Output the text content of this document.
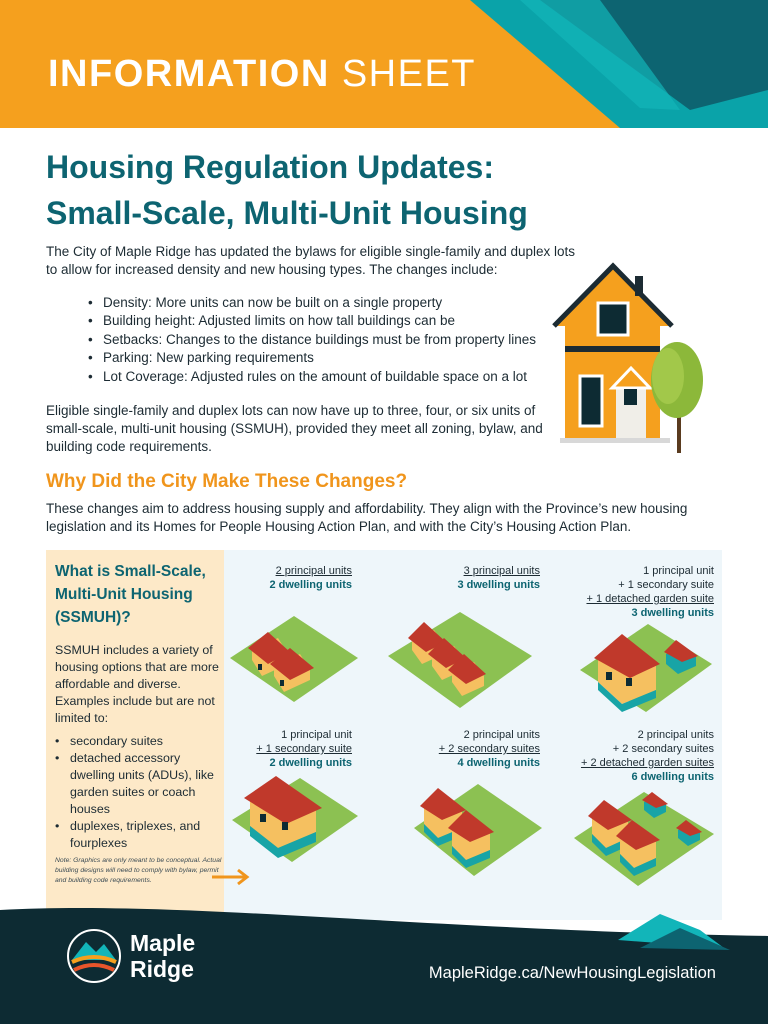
INFORMATION SHEET
Housing Regulation Updates:
Small-Scale, Multi-Unit Housing

The City of Maple Ridge has updated the bylaws for eligible single-family and duplex lots to allow for increased density and new housing types. The changes include:

• Density: More units can now be built on a single property
• Building height: Adjusted limits on how tall buildings can be
• Setbacks: Changes to the distance buildings must be from property lines
• Parking: New parking requirements
• Lot Coverage: Adjusted rules on the amount of buildable space on a lot

Eligible single-family and duplex lots can now have up to three, four, or six units of small-scale, multi-unit housing (SSMUH), provided they meet all zoning, bylaw, and building code requirements.

Why Did the City Make These Changes?

These changes aim to address housing supply and affordability. They align with the Province’s new housing legislation and its Homes for People Housing Action Plan, and with the City’s Housing Action Plan.

What is Small-Scale, Multi-Unit Housing (SSMUH)?

SSMUH includes a variety of housing options that are more affordable and diverse. Examples include but are not limited to:

• secondary suites
• detached accessory dwelling units (ADUs), like garden suites or coach houses
• duplexes, triplexes, and fourplexes

Note: Graphics are only meant to be conceptual. Actual building designs will need to comply with bylaw, permit and building code requirements.

2 principal units
2 dwelling units
3 principal units
3 dwelling units
1 principal unit
+ 1 secondary suite
+ 1 detached garden suite
3 dwelling units
1 principal unit
+ 1 secondary suite
2 dwelling units
2 principal units
+ 2 secondary suites
4 dwelling units
2 principal units
+ 2 secondary suites
+ 2 detached garden suites
6 dwelling units
Maple
Ridge	MapleRidge.ca/NewHousingLegislation
